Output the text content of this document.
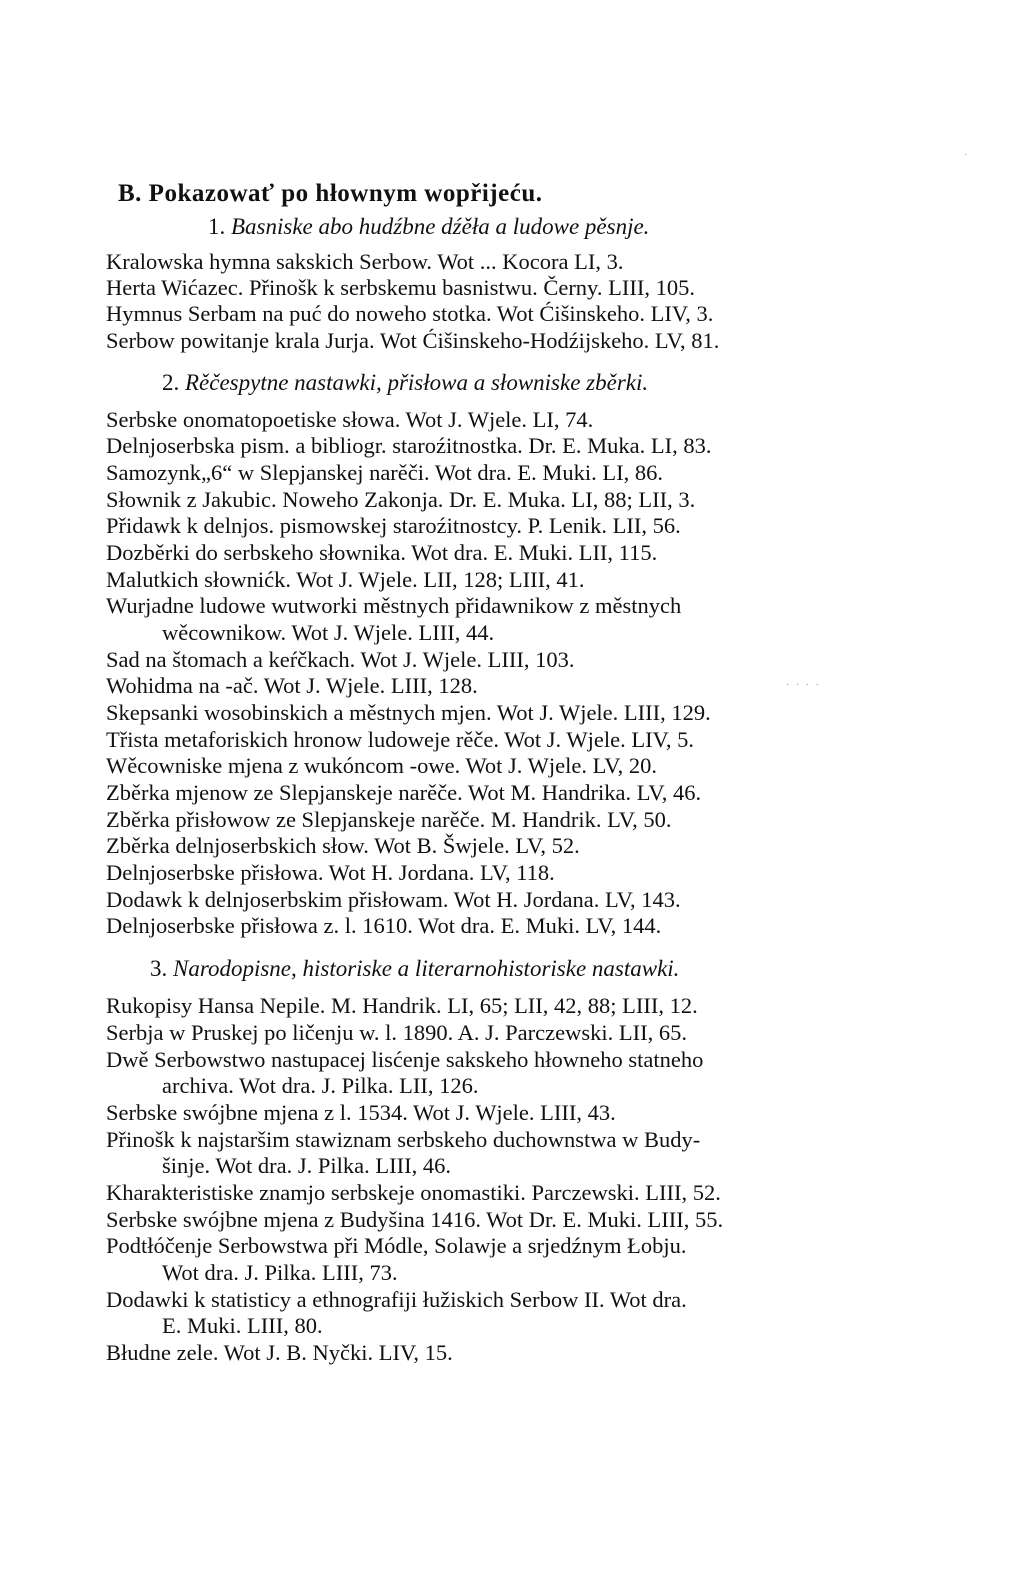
B. Pokazowať po hłownym wopřijeću.
1. Basniske abo hudźbne dźěła a ludowe pěsnje.
Kralowska hymna sakskich Serbow. Wot ... Kocora LI, 3.
Herta Wićazec. Přinošk k serbskemu basnistwu. Černy. LIII, 105.
Hymnus Serbam na puć do noweho stotka. Wot Ćišinskeho. LIV, 3.
Serbow powitanje krala Jurja. Wot Ćišinskeho-Hodźijskeho. LV, 81.
2. Rěčespytne nastawki, přisłowa a słowniske zběrki.
Serbske onomatopoetiske słowa. Wot J. Wjele. LI, 74.
Delnjoserbska pism. a bibliogr. staroźitnostka. Dr. E. Muka. LI, 83.
Samozynk„6“ w Slepjanskej narěči. Wot dra. E. Muki. LI, 86.
Słownik z Jakubic. Noweho Zakonja. Dr. E. Muka. LI, 88; LII, 3.
Přidawk k delnjos. pismowskej staroźitnostcy. P. Lenik. LII, 56.
Dozběrki do serbskeho słownika. Wot dra. E. Muki. LII, 115.
Malutkich słownićk. Wot J. Wjele. LII, 128; LIII, 41.
Wurjadne ludowe wutworki městnych přidawnikow z městnych
wěcownikow. Wot J. Wjele. LIII, 44.
Sad na štomach a keŕčkach. Wot J. Wjele. LIII, 103.
Wohidma na -ač. Wot J. Wjele. LIII, 128.
Skepsanki wosobinskich a městnych mjen. Wot J. Wjele. LIII, 129.
Třista metaforiskich hronow ludoweje rěče. Wot J. Wjele. LIV, 5.
Wěcowniske mjena z wukóncom -owe. Wot J. Wjele. LV, 20.
Zběrka mjenow ze Slepjanskeje narěče. Wot M. Handrika. LV, 46.
Zběrka přisłowow ze Slepjanskeje narěče. M. Handrik. LV, 50.
Zběrka delnjoserbskich słow. Wot B. Šwjele. LV, 52.
Delnjoserbske přisłowa. Wot H. Jordana. LV, 118.
Dodawk k delnjoserbskim přisłowam. Wot H. Jordana. LV, 143.
Delnjoserbske přisłowa z. l. 1610. Wot dra. E. Muki. LV, 144.
3. Narodopisne, historiske a literarnohistoriske nastawki.
Rukopisy Hansa Nepile. M. Handrik. LI, 65; LII, 42, 88; LIII, 12.
Serbja w Pruskej po ličenju w. l. 1890. A. J. Parczewski. LII, 65.
Dwě Serbowstwo nastupacej lisćenje sakskeho hłowneho statneho
archiva. Wot dra. J. Pilka. LII, 126.
Serbske swójbne mjena z l. 1534. Wot J. Wjele. LIII, 43.
Přinošk k najstaršim stawiznam serbskeho duchownstwa w Budy-
šinje. Wot dra. J. Pilka. LIII, 46.
Kharakteristiske znamjo serbskeje onomastiki. Parczewski. LIII, 52.
Serbske swójbne mjena z Budyšina 1416. Wot Dr. E. Muki. LIII, 55.
Podtłóčenje Serbowstwa při Módle, Solawje a srjedźnym Łobju.
Wot dra. J. Pilka. LIII, 73.
Dodawki k statisticy a ethnografiji łužiskich Serbow II. Wot dra.
E. Muki. LIII, 80.
Błudne zele. Wot J. B. Nyčki. LIV, 15.
·
· · · ·
